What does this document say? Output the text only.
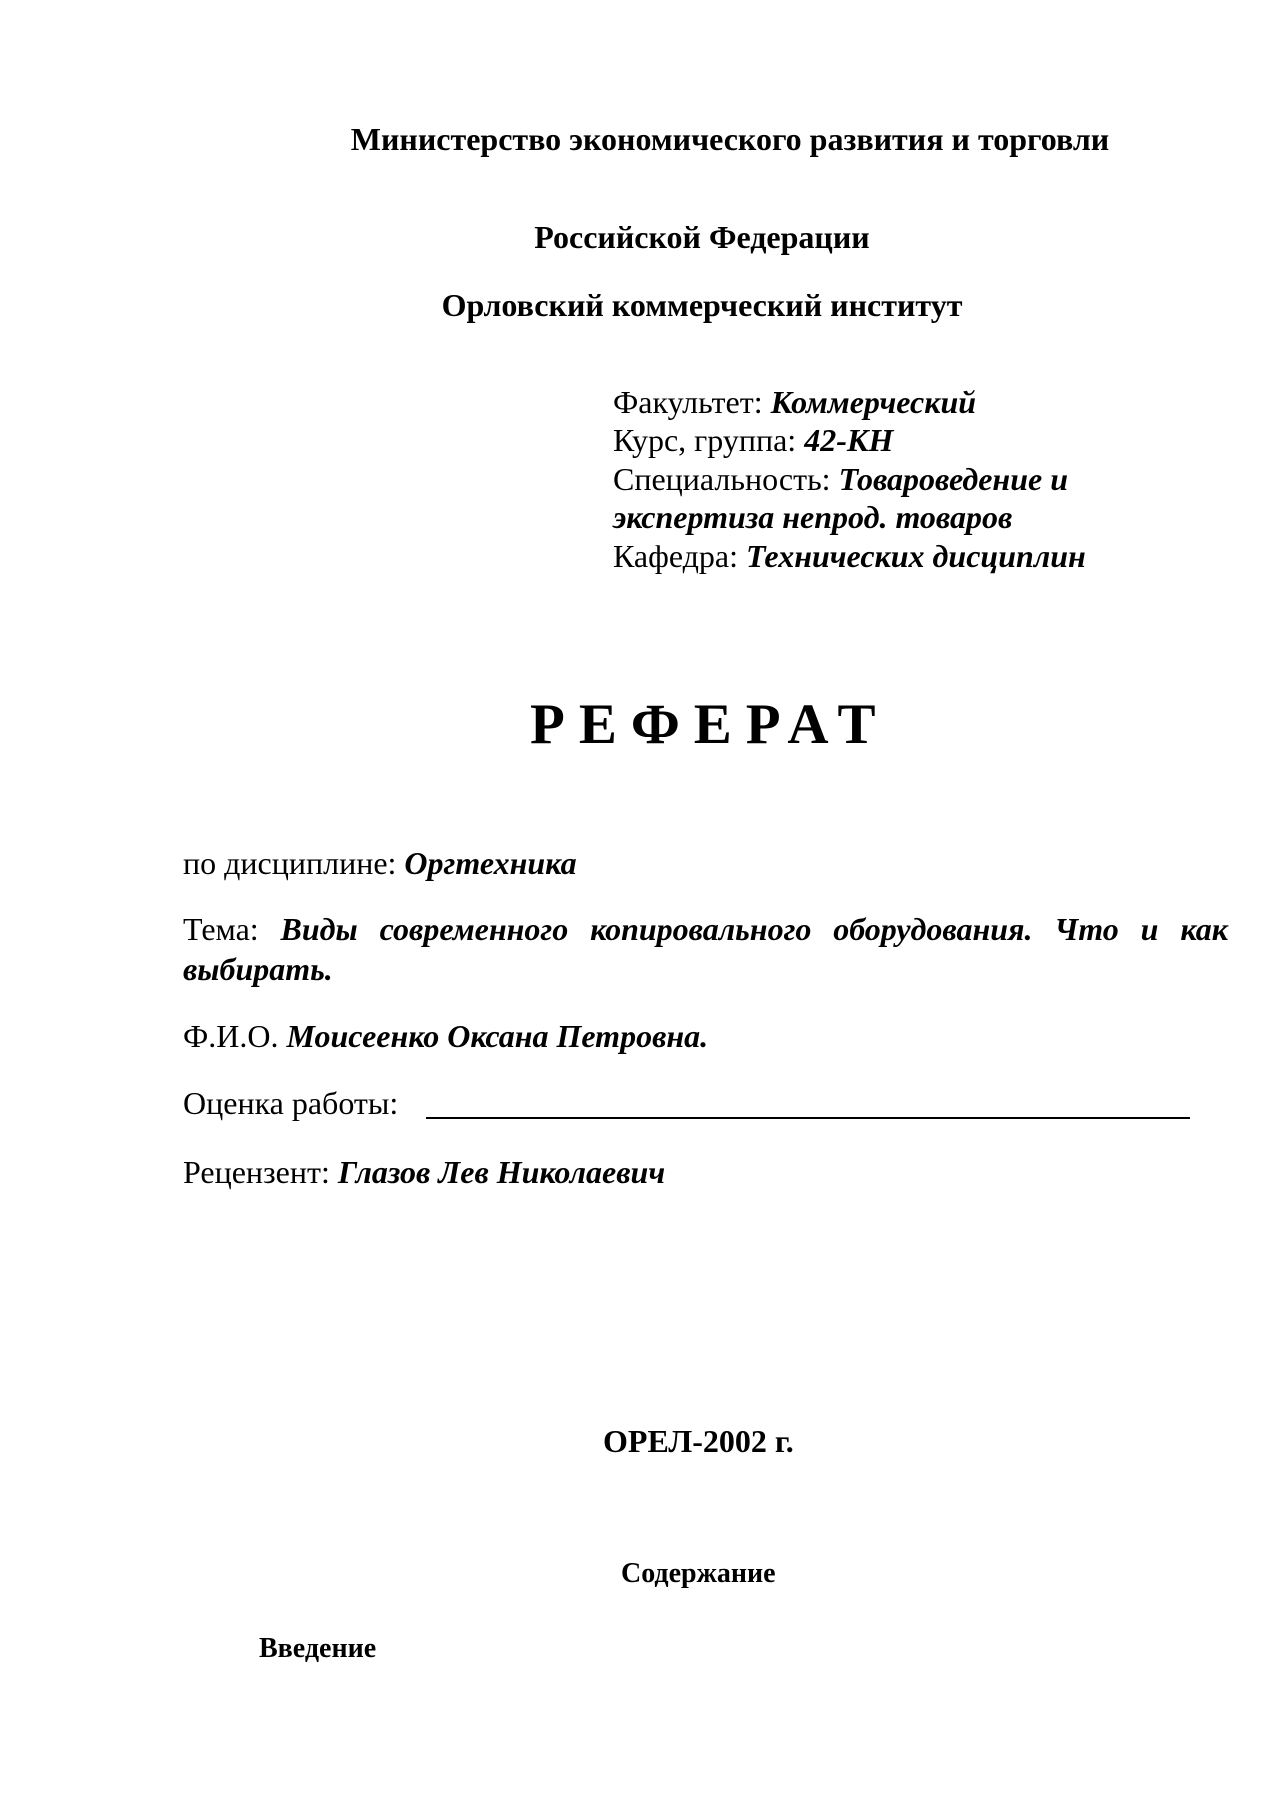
Министерство экономического развития и торговли
Российской Федерации
Орловский коммерческий институт
Факультет: Коммерческий
Курс, группа: 42-КН
Специальность: Товароведение и
экспертиза непрод. товаров
Кафедра: Технических дисциплин
РЕФЕРАТ
по дисциплине: Оргтехника
Тема: Виды современного копировального оборудования. Что и как
выбирать.
Ф.И.О. Моисеенко Оксана Петровна.
Оценка работы:
Рецензент: Глазов Лев Николаевич
ОРЕЛ-2002 г.
Содержание
Введение
